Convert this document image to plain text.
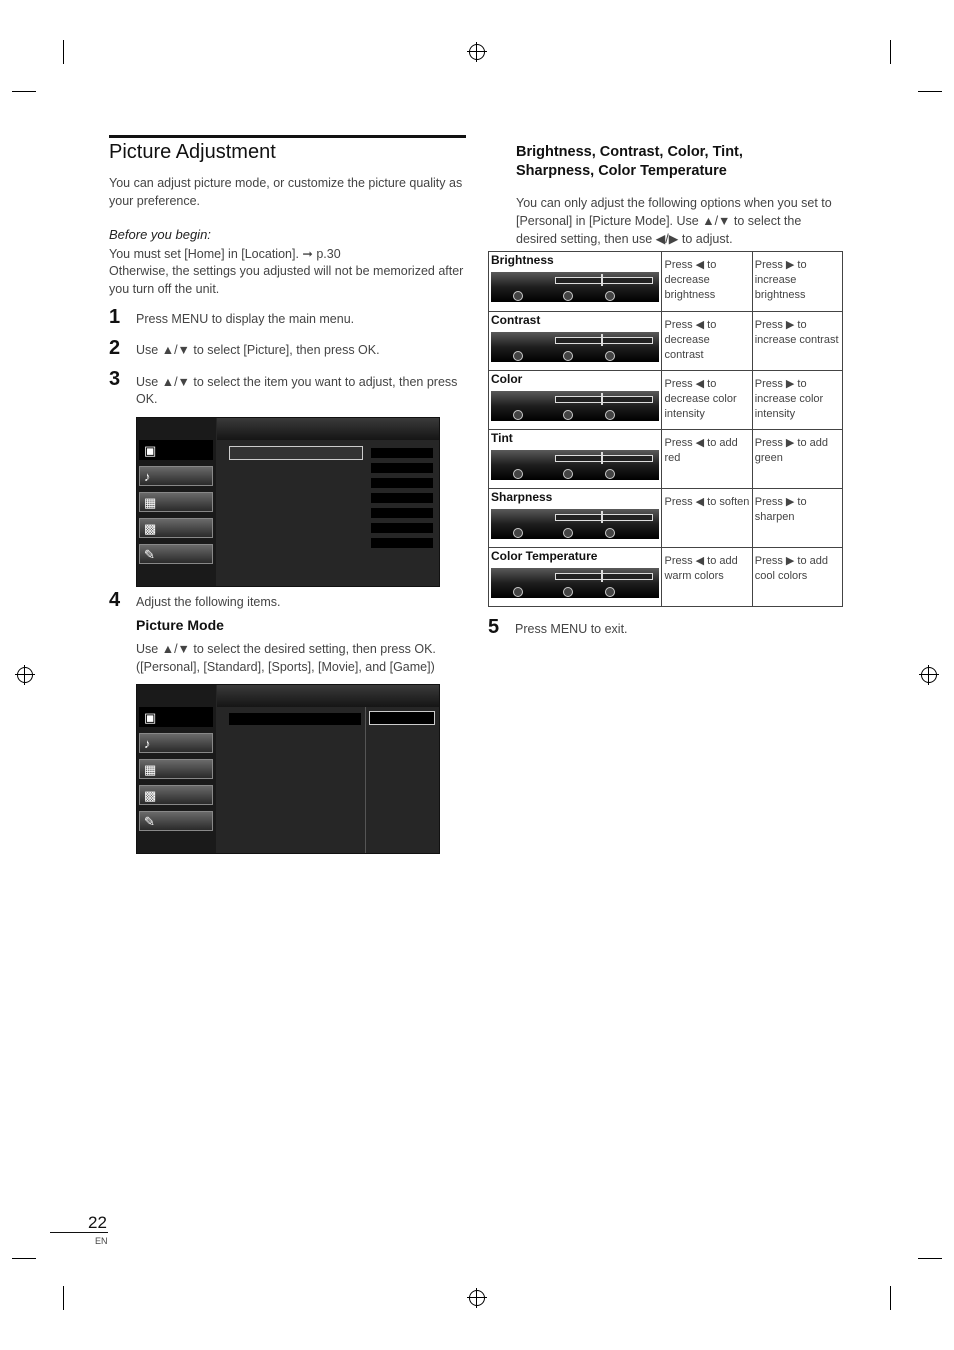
Picture Adjustment
You can adjust picture mode, or customize the picture quality as your preference.
Before you begin:
You must set [Home] in [Location]. ➞ p.30
Otherwise, the settings you adjusted will not be memorized after you turn off the unit.
1 Press MENU to display the main menu.
2 Use ▲/▼ to select [Picture], then press OK.
3 Use ▲/▼ to select the item you want to adjust, then press OK.
▣
♪
▦
▩
✎
4 Adjust the following items.
Picture Mode
Use ▲/▼ to select the desired setting, then press OK. ([Personal], [Standard], [Sports], [Movie], and [Game])
▣
♪
▦
▩
✎
Brightness, Contrast, Color, Tint, Sharpness, Color Temperature
You can only adjust the following options when you set to [Personal] in [Picture Mode]. Use ▲/▼ to select the desired setting, then use ◀/▶ to adjust.
Brightness	Press ◀ to decrease brightness	Press ▶ to increase brightness

Contrast	Press ◀ to decrease contrast	Press ▶ to increase contrast

Color	Press ◀ to decrease color intensity	Press ▶ to increase color intensity

Tint	Press ◀ to add red	Press ▶ to add green

Sharpness	Press ◀ to soften	Press ▶ to sharpen

Color Temperature	Press ◀ to add warm colors	Press ▶ to add cool colors
5 Press MENU to exit.
22
EN
